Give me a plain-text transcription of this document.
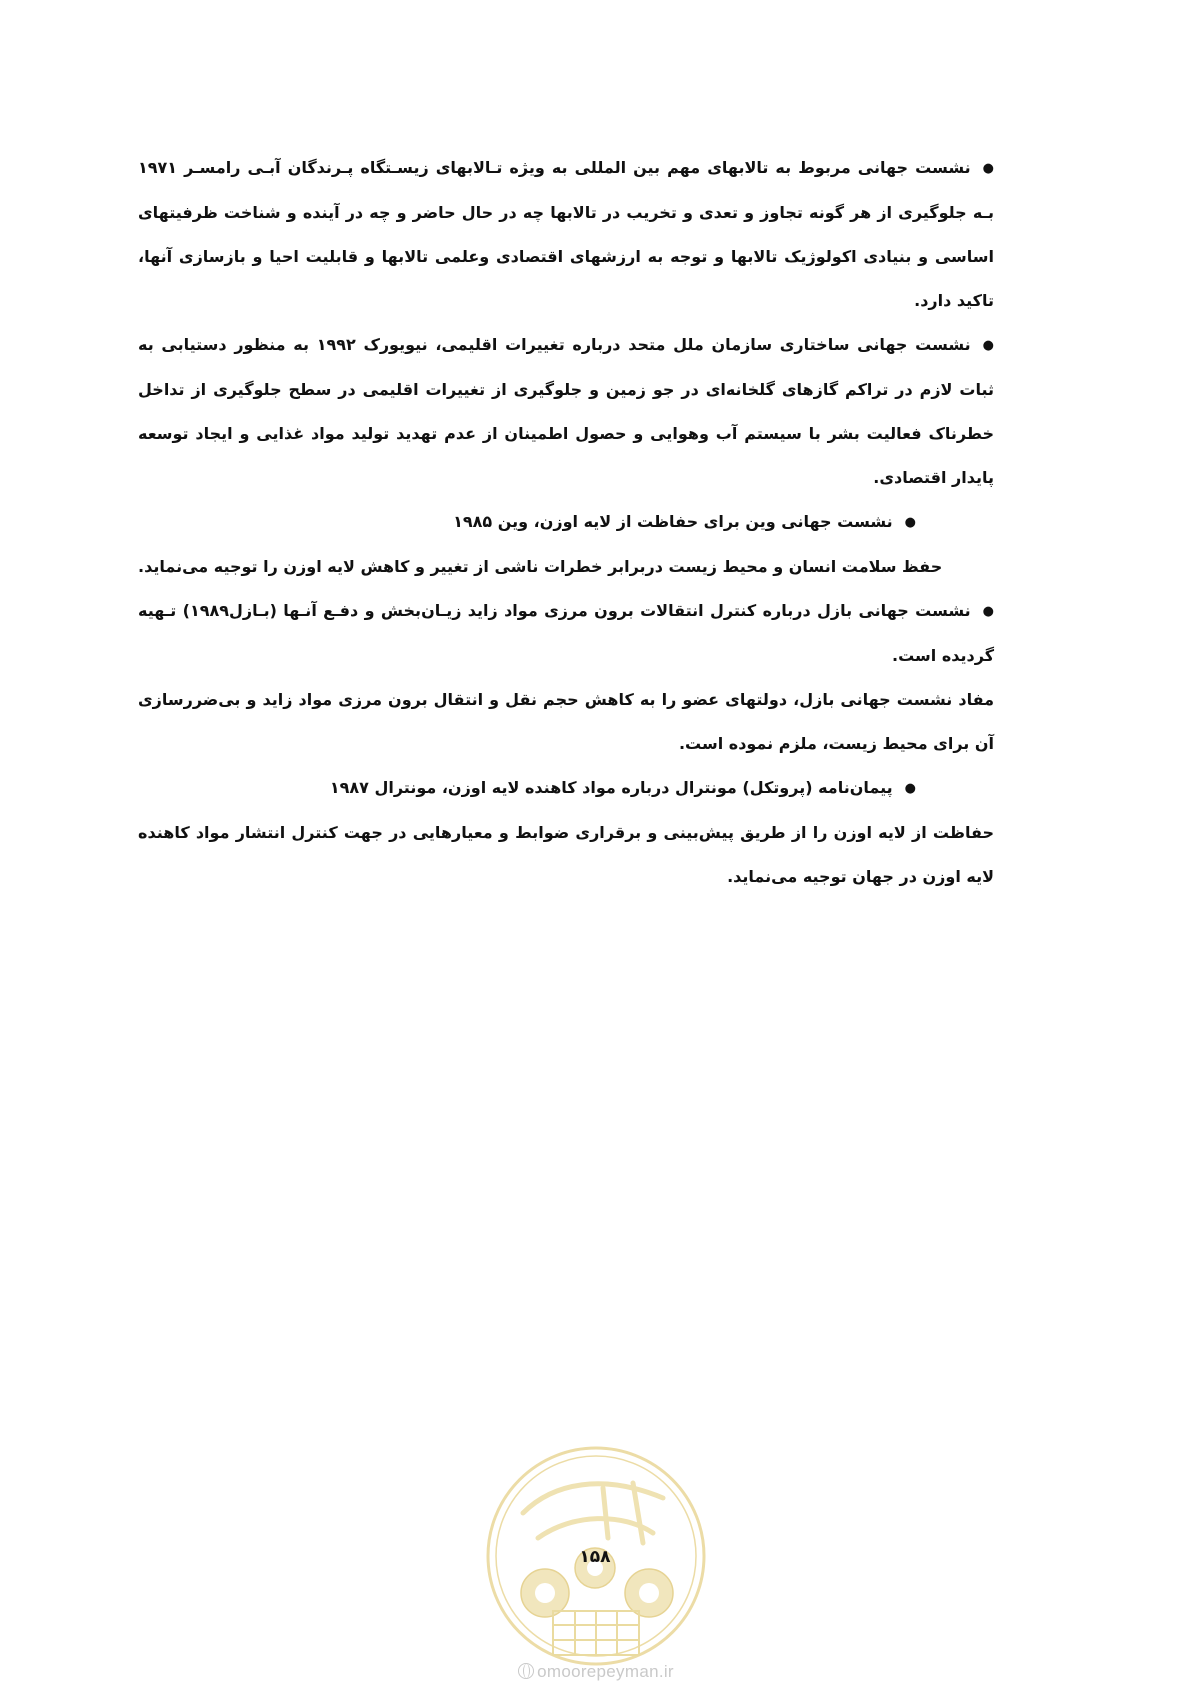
● نشست جهانی مربوط به تالابهای مهم بین المللی به ویژه تـالابهای زیسـتگاه پـرندگان آبـی رامسـر ۱۹۷۱ بـه جلوگیری از هر گونه تجاوز و تعدی و تخریب در تالابها چه در حال حاضر و چه در آینده و شناخت ظرفیتهای اساسی و بنیادی اکولوژیک تالابها و توجه به ارزشهای اقتصادی وعلمی تالابها و قابلیت احیا و بازسازی آنها، تاکید دارد.

● نشست جهانی ساختاری سازمان ملل متحد درباره تغییرات اقلیمی، نیویورک ۱۹۹۲ به منظور دستیابی به ثبات لازم در تراکم گازهای گلخانه‌ای در جو زمین و جلوگیری از تغییرات اقلیمی در سطح جلوگیری از تداخل خطرناک فعالیت بشر با سیستم آب وهوایی و حصول اطمینان از عدم تهدید تولید مواد غذایی و ایجاد توسعه پایدار اقتصادی.

● نشست جهانی وین برای حفاظت از لایه اوزن، وین ۱۹۸۵

حفظ سلامت انسان و محیط زیست دربرابر خطرات ناشی از تغییر و کاهش لایه اوزن را توجیه می‌نماید.

● نشست جهانی بازل درباره کنترل انتقالات برون مرزی مواد زاید زیـان‌بخش و دفـع آنـها (بـازل۱۹۸۹) تـهیه گردیده است.

مفاد نشست جهانی بازل، دولتهای عضو را به کاهش حجم نقل و انتقال برون مرزی مواد زاید و بی‌ضررسازی آن برای محیط زیست، ملزم نموده است.

● پیمان‌نامه (پروتکل) مونترال درباره مواد کاهنده لایه اوزن، مونترال ۱۹۸۷

حفاظت از لایه اوزن را از طریق پیش‌بینی و برقراری ضوابط و معیارهایی در جهت کنترل انتشار مواد کاهنده لایه اوزن در جهان توجیه می‌نماید.

۱۵۸
omoorepeyman.ir
